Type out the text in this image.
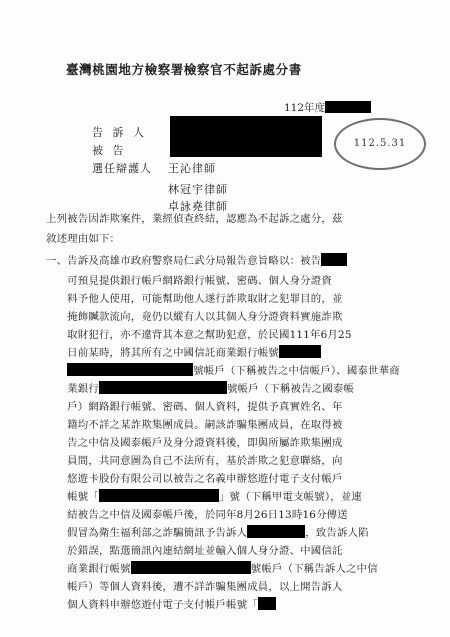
臺灣桃園地方檢察署檢察官不起訴處分書
112年度
112.5.31
告 訴 人
被 告
選任辯護人 王沁律師
林冠宇律師
卓詠堯律師
上列被告因詐欺案件，業經偵查終結，認應為不起訴之處分，茲
敘述理由如下：
一、告訴及高雄市政府警察局仁武分局報告意旨略以：被告
　　可預見提供銀行帳戶網路銀行帳號、密碼、個人身分證資
　　料予他人使用，可能幫助他人遂行詐欺取財之犯罪目的，並
　　掩飾贓款流向，竟仍以縱有人以其個人身分證資料實施詐欺
　　取財犯行，亦不違背其本意之幫助犯意，於民國111年6月25
　　日前某時，將其所有之中國信託商業銀行帳號
　　號帳戶（下稱被告之中信帳戶）、國泰世華商
　　業銀行	號帳戶（下稱被告之國泰帳
　　戶）網路銀行帳號、密碼、個人資料，提供予真實姓名、年
　　籍均不詳之某詐欺集團成員。嗣該詐騙集團成員，在取得被
　　告之中信及國泰帳戶及身分證資料後，即與所屬詐欺集團成
　　員間，共同意圖為自己不法所有，基於詐欺之犯意聯絡，向
　　悠遊卡股份有限公司以被告之名義申辦悠遊付電子支付帳戶
　　帳號「	」號（下稱甲電支帳號），並連
　　結被告之中信及國泰帳戶後，於同年8月26日13時16分傳送
　　假冒為衛生福利部之詐騙簡訊予告訴人	，致告訴人陷
　　於錯誤，點選簡訊內連結網址並輸入個人身分證、中國信託
　　商業銀行帳號	號帳戶（下稱告訴人之中信
　　帳戶）等個人資料後，遭不詳詐騙集團成員，以上開告訴人
　　個人資料申辦悠遊付電子支付帳戶帳號「
